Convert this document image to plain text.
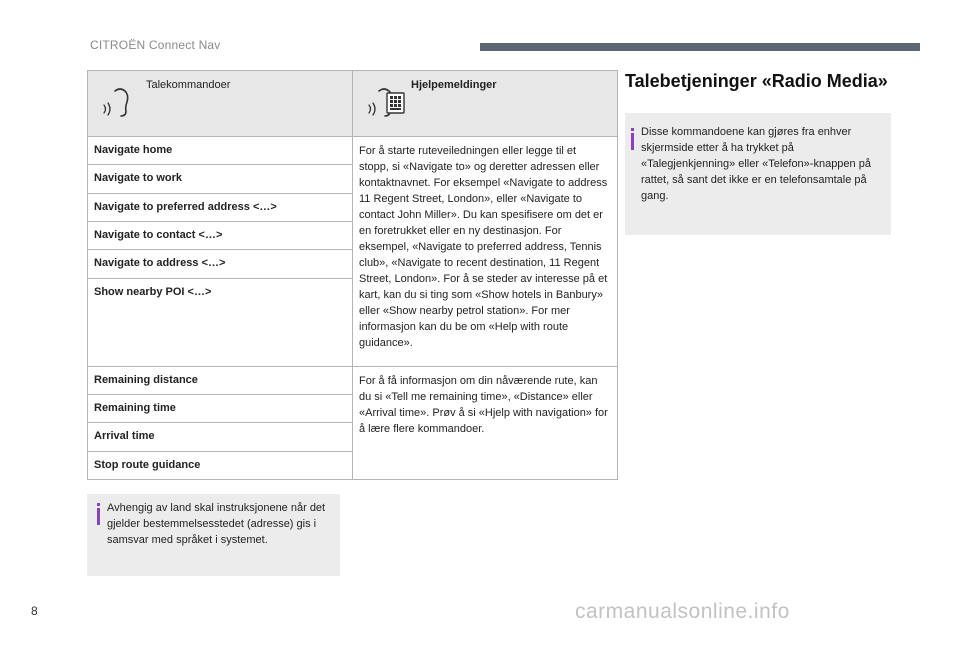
CITROËN Connect Nav
Talekommandoer	Hjelpemeldinger

Navigate home	For å starte ruteveiledningen eller legge til et stopp, si «Navigate to» og deretter adressen eller kontaktnavnet. For eksempel «Navigate to address 11 Regent Street, London», eller «Navigate to contact John Miller». Du kan spesifisere om det er en foretrukket eller en ny destinasjon. For eksempel, «Navigate to preferred address, Tennis club», «Navigate to recent destination, 11 Regent Street, London». For å se steder av interesse på et kart, kan du si ting som «Show hotels in Banbury» eller «Show nearby petrol station». For mer informasjon kan du be om «Help with route guidance».
Navigate to work	
Navigate to preferred address <…>	
Navigate to contact <…>	
Navigate to address <…>	
Show nearby POI <…>	
Remaining distance	For å få informasjon om din nåværende rute, kan du si «Tell me remaining time», «Distance» eller «Arrival time». Prøv å si «Hjelp with navigation» for å lære flere kommandoer.
Remaining time	
Arrival time	
Stop route guidance	
Avhengig av land skal instruksjonene når det gjelder bestemmelsesstedet (adresse) gis i samsvar med språket i systemet.
Talebetjeninger «Radio Media»
Disse kommandoene kan gjøres fra enhver skjermside etter å ha trykket på «Talegjenkjenning» eller «Telefon»-knappen på rattet, så sant det ikke er en telefonsamtale på gang.
8	carmanualsonline.info
